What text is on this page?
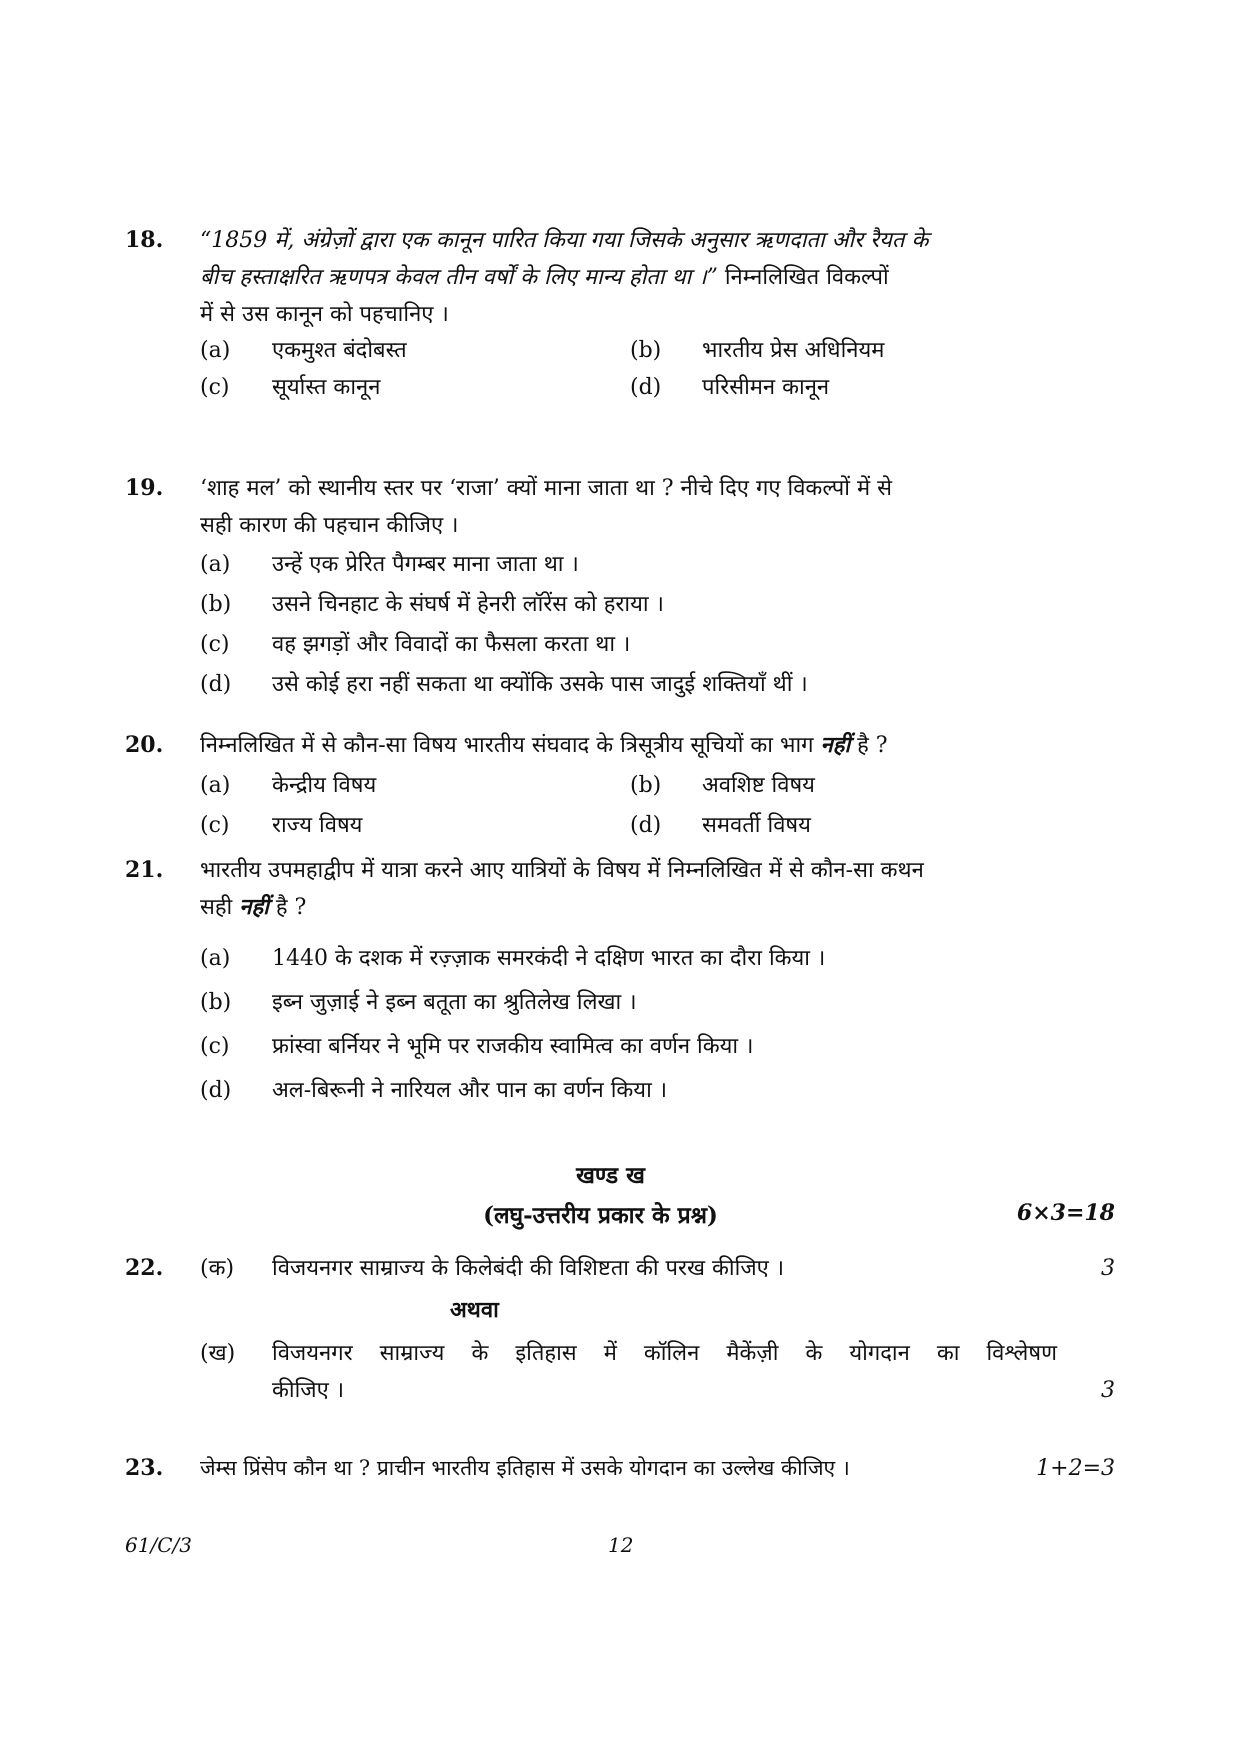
18. “1859 में, अंग्रेज़ों द्वारा एक कानून पारित किया गया जिसके अनुसार ऋणदाता और रैयत के
बीच हस्ताक्षरित ऋणपत्र केवल तीन वर्षों के लिए मान्य होता था ।” निम्नलिखित विकल्पों
में से उस कानून को पहचानिए ।
(a)	एकमुश्त बंदोबस्त	(b)	भारतीय प्रेस अधिनियम
(c)	सूर्यास्त कानून	(d)	परिसीमन कानून
19. ‘शाह मल’ को स्थानीय स्तर पर ‘राजा’ क्यों माना जाता था ? नीचे दिए गए विकल्पों में से
सही कारण की पहचान कीजिए ।
(a)	उन्हें एक प्रेरित पैगम्बर माना जाता था ।
(b)	उसने चिनहाट के संघर्ष में हेनरी लॉरेंस को हराया ।
(c)	वह झगड़ों और विवादों का फैसला करता था ।
(d)	उसे कोई हरा नहीं सकता था क्योंकि उसके पास जादुई शक्तियाँ थीं ।
20. निम्नलिखित में से कौन-सा विषय भारतीय संघवाद के त्रिसूत्रीय सूचियों का भाग नहीं है ?
(a)	केन्द्रीय विषय	(b)	अवशिष्ट विषय
(c)	राज्य विषय	(d)	समवर्ती विषय
21. भारतीय उपमहाद्वीप में यात्रा करने आए यात्रियों के विषय में निम्नलिखित में से कौन-सा कथन
सही नहीं है ?
(a)	1440 के दशक में रज़्ज़ाक समरकंदी ने दक्षिण भारत का दौरा किया ।
(b)	इब्न जुज़ाई ने इब्न बतूता का श्रुतिलेख लिखा ।
(c)	फ्रांस्वा बर्नियर ने भूमि पर राजकीय स्वामित्व का वर्णन किया ।
(d)	अल-बिरूनी ने नारियल और पान का वर्णन किया ।
खण्ड ख
(लघु-उत्तरीय प्रकार के प्रश्न)	6×3=18
22. (क) विजयनगर साम्राज्य के किलेबंदी की विशिष्टता की परख कीजिए ।	3
अथवा
(ख) विजयनगर साम्राज्य के इतिहास में कॉलिन मैकेंज़ी के योगदान का विश्लेषण
कीजिए ।	3
23. जेम्स प्रिंसेप कौन था ? प्राचीन भारतीय इतिहास में उसके योगदान का उल्लेख कीजिए ।	1+2=3
61/C/3	12
